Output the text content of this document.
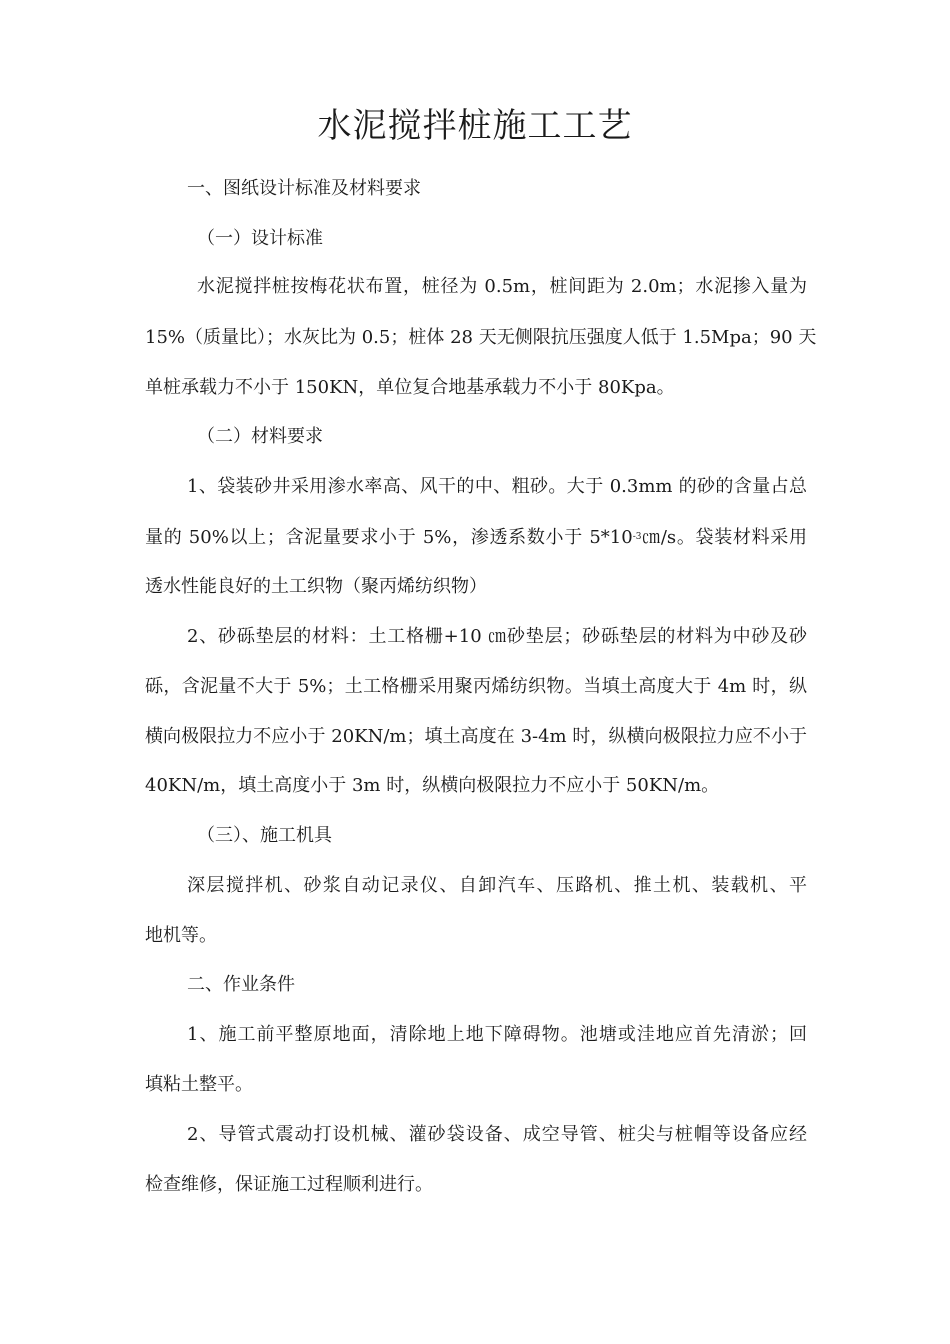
水泥搅拌桩施工工艺

一、图纸设计标准及材料要求

（一）设计标准

水泥搅拌桩按梅花状布置，桩径为 0.5m，桩间距为 2.0m；水泥掺入量为

15%（质量比）；水灰比为 0.5；桩体 28 天无侧限抗压强度人低于 1.5Mpa；90 天

单桩承载力不小于 150KN，单位复合地基承载力不小于 80Kpa。

（二）材料要求

1、袋装砂井采用渗水率高、风干的中、粗砂。大于 0.3mm 的砂的含量占总

量的 50%以上；含泥量要求小于 5%，渗透系数小于 $5*10^{-3}㎝/s$。袋装材料采用

透水性能良好的土工织物（聚丙烯纺织物）

2、砂砾垫层的材料：土工格栅+10 ㎝砂垫层；砂砾垫层的材料为中砂及砂

砾，含泥量不大于 5%；土工格栅采用聚丙烯纺织物。当填土高度大于 4m 时，纵

横向极限拉力不应小于 20KN/m；填土高度在 3-4m 时，纵横向极限拉力应不小于

40KN/m，填土高度小于 3m 时，纵横向极限拉力不应小于 50KN/m。

（三）、施工机具

深层搅拌机、砂浆自动记录仪、自卸汽车、压路机、推土机、装载机、平

地机等。

二、作业条件

1、施工前平整原地面，清除地上地下障碍物。池塘或洼地应首先清淤；回

填粘土整平。

2、导管式震动打设机械、灌砂袋设备、成空导管、桩尖与桩帽等设备应经

检查维修，保证施工过程顺利进行。
